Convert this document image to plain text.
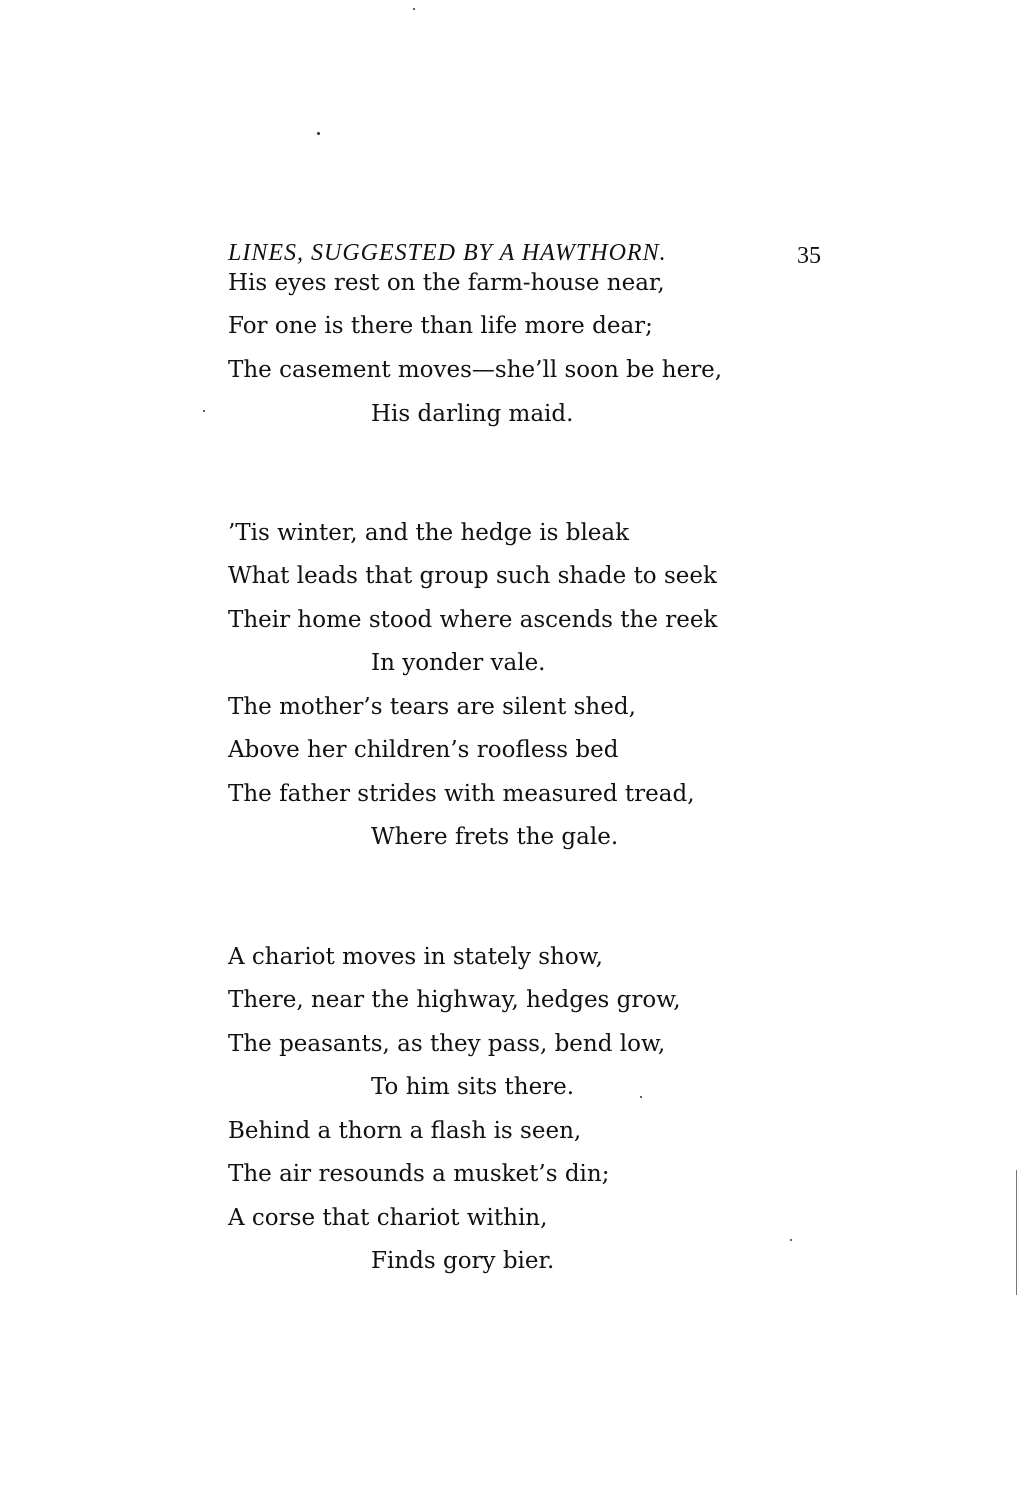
LINES, SUGGESTED BY A HAWTHORN.	35
His eyes rest on the farm-house near,
For one is there than life more dear;
The casement moves—she’ll soon be here,
His darling maid.
’Tis winter, and the hedge is bleak
What leads that group such shade to seek
Their home stood where ascends the reek
In yonder vale.
The mother’s tears are silent shed,
Above her children’s roofless bed
The father strides with measured tread,
Where frets the gale.
A chariot moves in stately show,
There, near the highway, hedges grow,
The peasants, as they pass, bend low,
To him sits there.
Behind a thorn a flash is seen,
The air resounds a musket’s din;
A corse that chariot within,
Finds gory bier.
